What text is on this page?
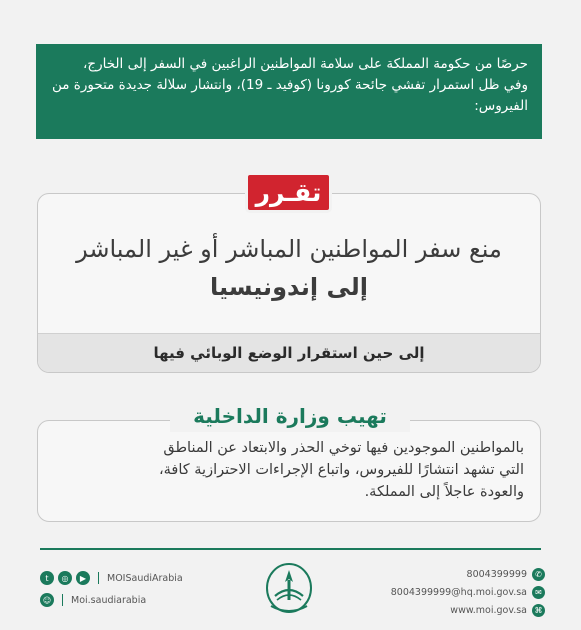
حرصًا من حكومة المملكة على سلامة المواطنين الراغبين في السفر إلى الخارج،
وفي ظل استمرار تفشي جائحة كورونا (كوفيد ـ 19)، وانتشار سلالة جديدة متحورة من
الفيروس:
منع سفر المواطنين المباشر أو غير المباشر
إلى إندونيسيا
إلى حين استقرار الوضع الوبائي فيها
تقـرر
بالمواطنين الموجودين فيها توخي الحذر والابتعاد عن المناطق
التي تشهد انتشارًا للفيروس، واتباع الإجراءات الاحترازية كافة،
والعودة عاجلاً إلى المملكة.
تهيب وزارة الداخلية
t	◎	▶	MOISaudiArabia
☺ Moi.saudiarabia
8004399999	✆
8004399999@hq.moi.gov.sa	✉
www.moi.gov.sa ⌘
